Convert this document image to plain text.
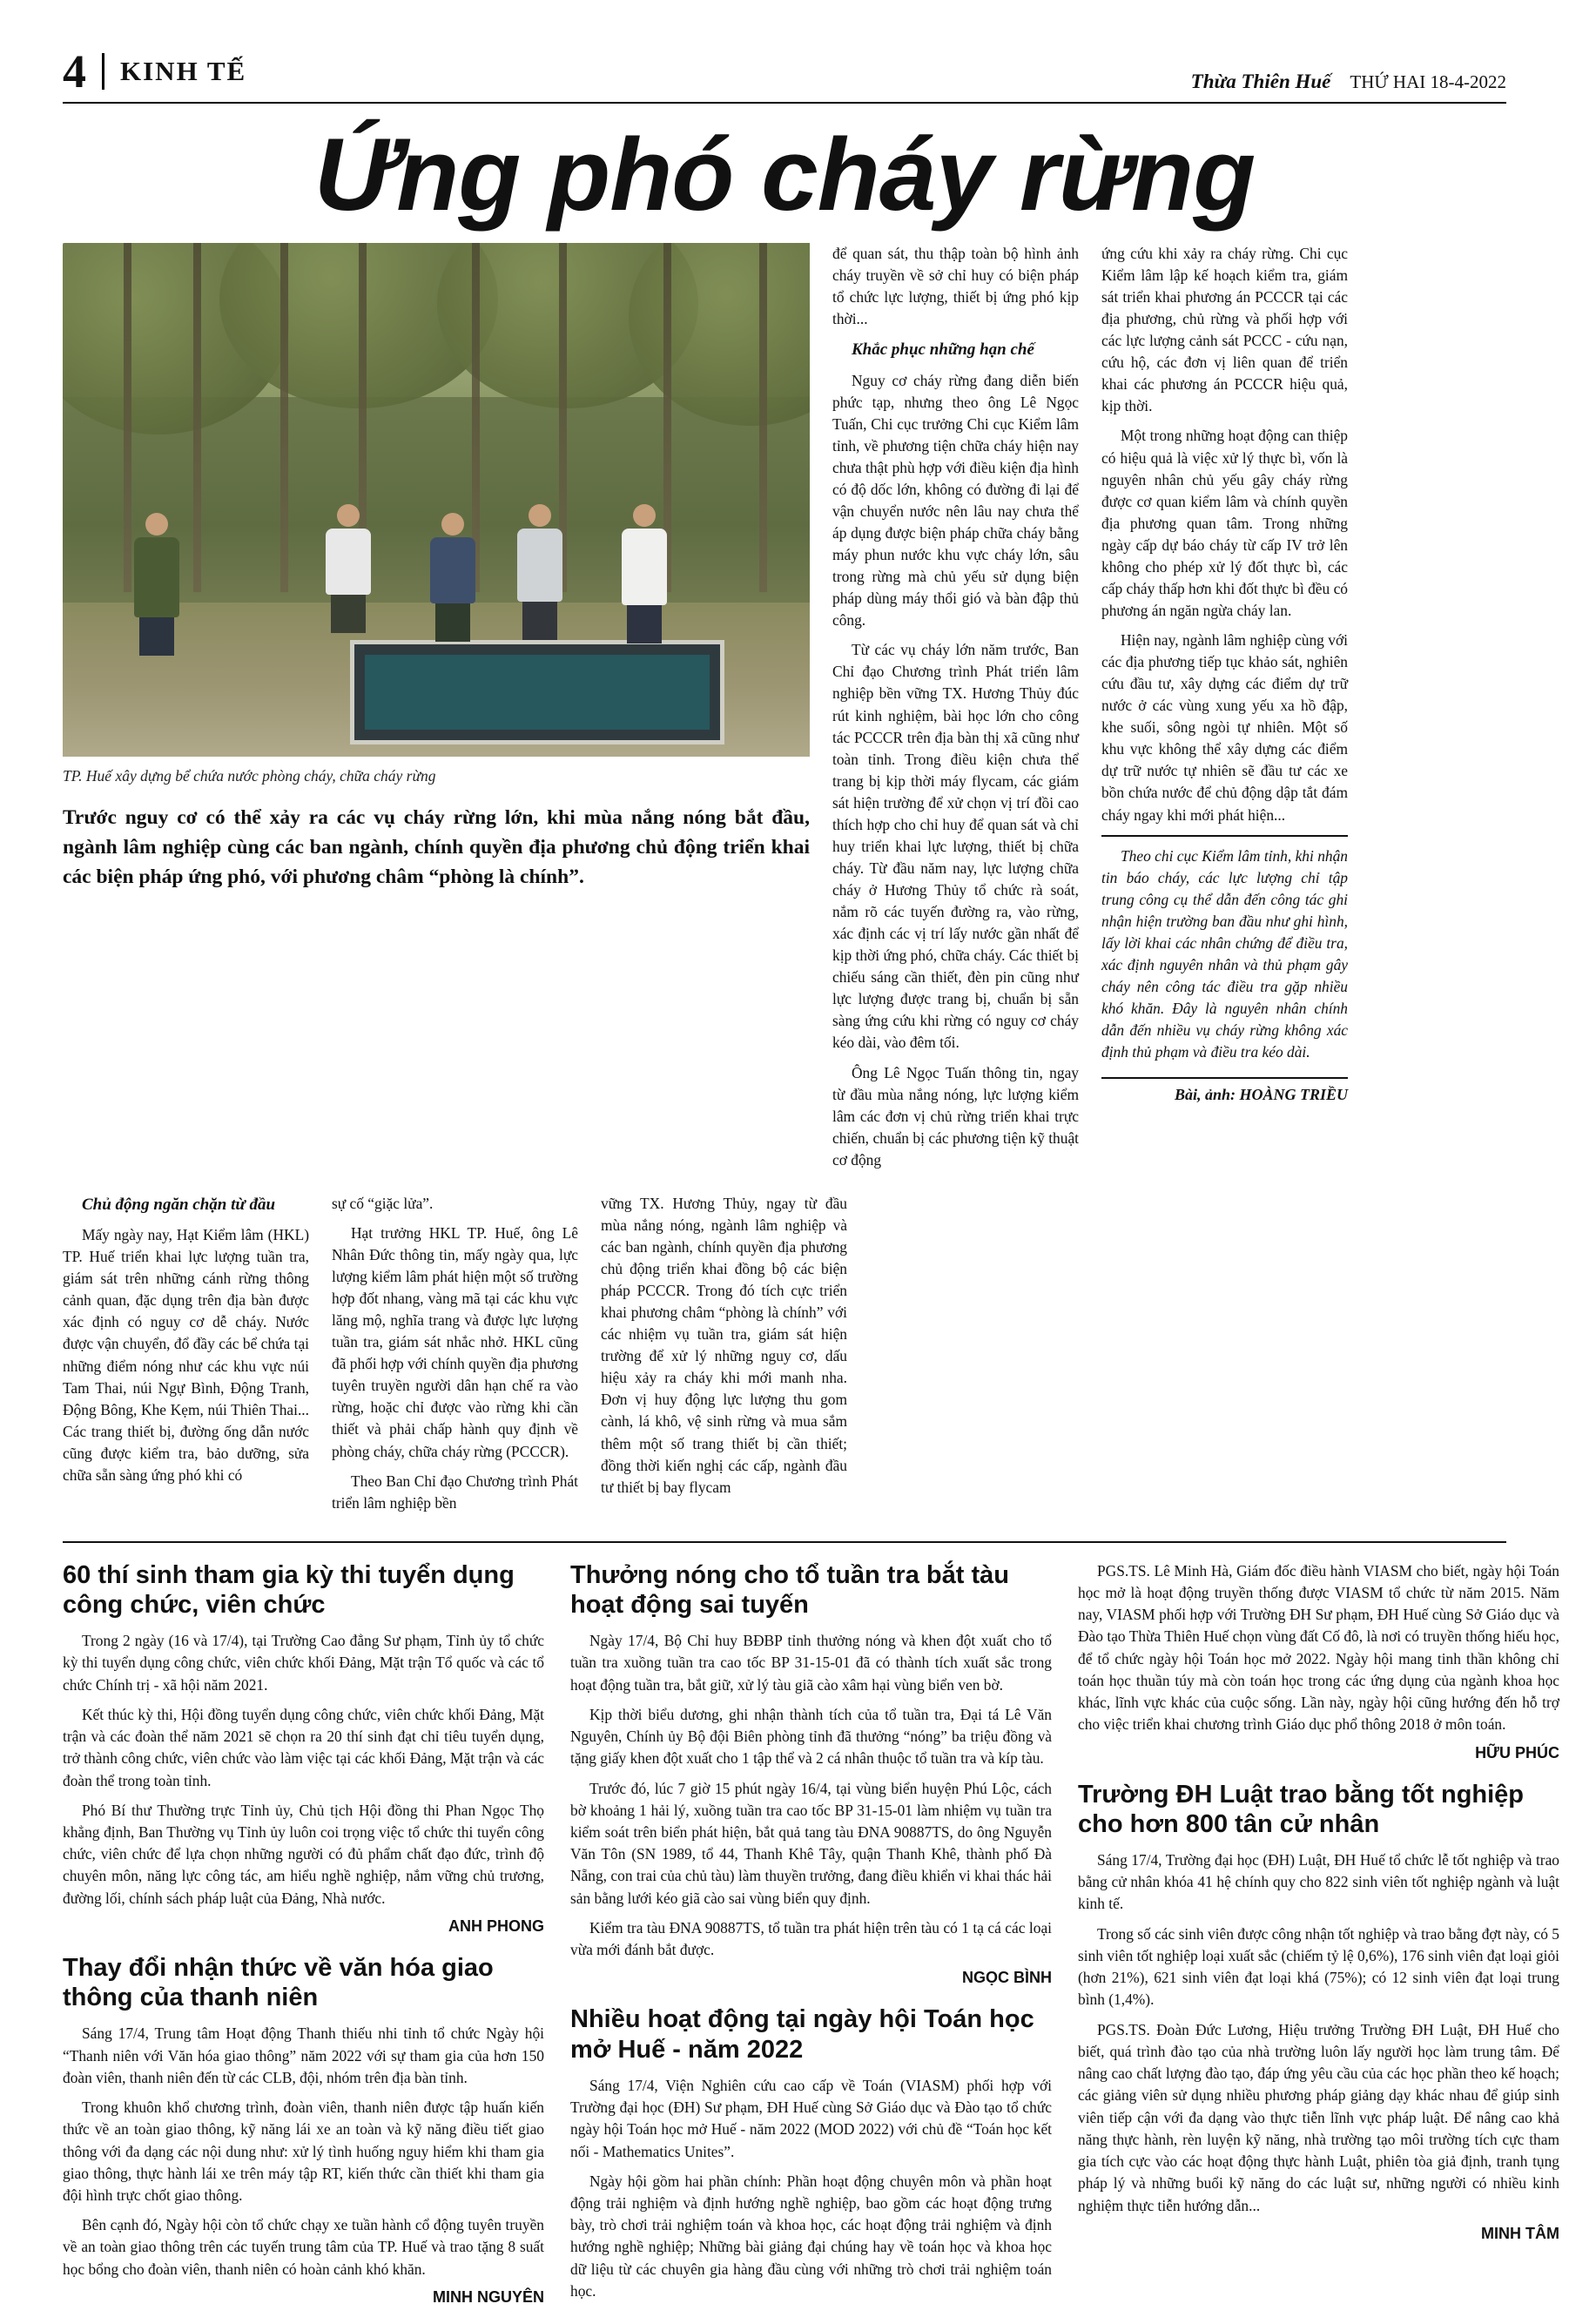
4 KINH TẾ	Thừa Thiên Huế THỨ HAI 18-4-2022
Ứng phó cháy rừng
TP. Huế xây dựng bể chứa nước phòng cháy, chữa cháy rừng
Trước nguy cơ có thể xảy ra các vụ cháy rừng lớn, khi mùa nắng nóng bắt đầu, ngành lâm nghiệp cùng các ban ngành, chính quyền địa phương chủ động triển khai các biện pháp ứng phó, với phương châm “phòng là chính”.

để quan sát, thu thập toàn bộ hình ảnh cháy truyền về sở chỉ huy có biện pháp tổ chức lực lượng, thiết bị ứng phó kịp thời...

Khắc phục những hạn chế

Nguy cơ cháy rừng đang diễn biến phức tạp, nhưng theo ông Lê Ngọc Tuấn, Chi cục trưởng Chi cục Kiểm lâm tỉnh, về phương tiện chữa cháy hiện nay chưa thật phù hợp với điều kiện địa hình có độ dốc lớn, không có đường đi lại để vận chuyển nước nên lâu nay chưa thể áp dụng được biện pháp chữa cháy bằng máy phun nước khu vực cháy lớn, sâu trong rừng mà chủ yếu sử dụng biện pháp dùng máy thổi gió và bàn đập thủ công.

Từ các vụ cháy lớn năm trước, Ban Chỉ đạo Chương trình Phát triển lâm nghiệp bền vững TX. Hương Thủy đúc rút kinh nghiệm, bài học lớn cho công tác PCCCR trên địa bàn thị xã cũng như toàn tỉnh. Trong điều kiện chưa thể trang bị kịp thời máy flycam, các giám sát hiện trường để xử chọn vị trí đồi cao thích hợp cho chỉ huy để quan sát và chỉ huy triển khai lực lượng, thiết bị chữa cháy. Từ đầu năm nay, lực lượng chữa cháy ở Hương Thủy tổ chức rà soát, nắm rõ các tuyến đường ra, vào rừng, xác định các vị trí lấy nước gần nhất để kịp thời ứng phó, chữa cháy. Các thiết bị chiếu sáng cần thiết, đèn pin cũng như lực lượng được trang bị, chuẩn bị sẵn sàng ứng cứu khi rừng có nguy cơ cháy kéo dài, vào đêm tối.

Ông Lê Ngọc Tuấn thông tin, ngay từ đầu mùa nắng nóng, lực lượng kiểm lâm các đơn vị chủ rừng triển khai trực chiến, chuẩn bị các phương tiện kỹ thuật cơ động

ứng cứu khi xảy ra cháy rừng. Chi cục Kiểm lâm lập kế hoạch kiểm tra, giám sát triển khai phương án PCCCR tại các địa phương, chủ rừng và phối hợp với các lực lượng cảnh sát PCCC - cứu nạn, cứu hộ, các đơn vị liên quan để triển khai các phương án PCCCR hiệu quả, kịp thời.

Một trong những hoạt động can thiệp có hiệu quả là việc xử lý thực bì, vốn là nguyên nhân chủ yếu gây cháy rừng được cơ quan kiểm lâm và chính quyền địa phương quan tâm. Trong những ngày cấp dự báo cháy từ cấp IV trở lên không cho phép xử lý đốt thực bì, các cấp cháy thấp hơn khi đốt thực bì đều có phương án ngăn ngừa cháy lan.

Hiện nay, ngành lâm nghiệp cùng với các địa phương tiếp tục khảo sát, nghiên cứu đầu tư, xây dựng các điểm dự trữ nước ở các vùng xung yếu xa hồ đập, khe suối, sông ngòi tự nhiên. Một số khu vực không thể xây dựng các điểm dự trữ nước tự nhiên sẽ đầu tư các xe bồn chứa nước để chủ động dập tắt đám cháy ngay khi mới phát hiện...

Theo chi cục Kiểm lâm tỉnh, khi nhận tin báo cháy, các lực lượng chỉ tập trung công cụ thể dẫn đến công tác ghi nhận hiện trường ban đầu như ghi hình, lấy lời khai các nhân chứng để điều tra, xác định nguyên nhân và thủ phạm gây cháy nên công tác điều tra gặp nhiều khó khăn. Đây là nguyên nhân chính dẫn đến nhiều vụ cháy rừng không xác định thủ phạm và điều tra kéo dài.

Bài, ảnh: HOÀNG TRIỀU

Chủ động ngăn chặn từ đầu

Mấy ngày nay, Hạt Kiểm lâm (HKL) TP. Huế triển khai lực lượng tuần tra, giám sát trên những cánh rừng thông cảnh quan, đặc dụng trên địa bàn được xác định có nguy cơ dễ cháy. Nước được vận chuyển, đổ đầy các bể chứa tại những điểm nóng như các khu vực núi Tam Thai, núi Ngự Bình, Động Tranh, Động Bông, Khe Kẹm, núi Thiên Thai... Các trang thiết bị, đường ống dẫn nước cũng được kiểm tra, bảo dưỡng, sửa chữa sẵn sàng ứng phó khi có

sự cố “giặc lửa”.

Hạt trưởng HKL TP. Huế, ông Lê Nhân Đức thông tin, mấy ngày qua, lực lượng kiểm lâm phát hiện một số trường hợp đốt nhang, vàng mã tại các khu vực lăng mộ, nghĩa trang và được lực lượng tuần tra, giám sát nhắc nhở. HKL cũng đã phối hợp với chính quyền địa phương tuyên truyền người dân hạn chế ra vào rừng, hoặc chỉ được vào rừng khi cần thiết và phải chấp hành quy định về phòng cháy, chữa cháy rừng (PCCCR).

Theo Ban Chỉ đạo Chương trình Phát triển lâm nghiệp bền

vững TX. Hương Thủy, ngay từ đầu mùa nắng nóng, ngành lâm nghiệp và các ban ngành, chính quyền địa phương chủ động triển khai đồng bộ các biện pháp PCCCR. Trong đó tích cực triển khai phương châm “phòng là chính” với các nhiệm vụ tuần tra, giám sát hiện trường để xử lý những nguy cơ, dấu hiệu xảy ra cháy khi mới manh nha. Đơn vị huy động lực lượng thu gom cành, lá khô, vệ sinh rừng và mua sắm thêm một số trang thiết bị cần thiết; đồng thời kiến nghị các cấp, ngành đầu tư thiết bị bay flycam

60 thí sinh tham gia kỳ thi tuyển dụng công chức, viên chức

Trong 2 ngày (16 và 17/4), tại Trường Cao đẳng Sư phạm, Tỉnh ủy tổ chức kỳ thi tuyển dụng công chức, viên chức khối Đảng, Mặt trận Tổ quốc và các tổ chức Chính trị - xã hội năm 2021.

Kết thúc kỳ thi, Hội đồng tuyển dụng công chức, viên chức khối Đảng, Mặt trận và các đoàn thể năm 2021 sẽ chọn ra 20 thí sinh đạt chỉ tiêu tuyển dụng, trở thành công chức, viên chức vào làm việc tại các khối Đảng, Mặt trận và các đoàn thể trong toàn tỉnh.

Phó Bí thư Thường trực Tỉnh ủy, Chủ tịch Hội đồng thi Phan Ngọc Thọ khẳng định, Ban Thường vụ Tỉnh ủy luôn coi trọng việc tổ chức thi tuyển công chức, viên chức để lựa chọn những người có đủ phẩm chất đạo đức, trình độ chuyên môn, năng lực công tác, am hiểu nghề nghiệp, nắm vững chủ trương, đường lối, chính sách pháp luật của Đảng, Nhà nước.

ANH PHONG
Thay đổi nhận thức về văn hóa giao thông của thanh niên

Sáng 17/4, Trung tâm Hoạt động Thanh thiếu nhi tỉnh tổ chức Ngày hội “Thanh niên với Văn hóa giao thông” năm 2022 với sự tham gia của hơn 150 đoàn viên, thanh niên đến từ các CLB, đội, nhóm trên địa bàn tỉnh.

Trong khuôn khổ chương trình, đoàn viên, thanh niên được tập huấn kiến thức về an toàn giao thông, kỹ năng lái xe an toàn và kỹ năng điều tiết giao thông với đa dạng các nội dung như: xử lý tình huống nguy hiểm khi tham gia giao thông, thực hành lái xe trên máy tập RT, kiến thức cần thiết khi tham gia đội hình trực chốt giao thông.

Bên cạnh đó, Ngày hội còn tổ chức chạy xe tuần hành cổ động tuyên truyền về an toàn giao thông trên các tuyến trung tâm của TP. Huế và trao tặng 8 suất học bổng cho đoàn viên, thanh niên có hoàn cảnh khó khăn.

MINH NGUYÊN
Thưởng nóng cho tổ tuần tra bắt tàu hoạt động sai tuyến

Ngày 17/4, Bộ Chỉ huy BĐBP tỉnh thưởng nóng và khen đột xuất cho tổ tuần tra xuồng tuần tra cao tốc BP 31-15-01 đã có thành tích xuất sắc trong hoạt động tuần tra, bắt giữ, xử lý tàu giã cào xâm hại vùng biển ven bờ.

Kịp thời biểu dương, ghi nhận thành tích của tổ tuần tra, Đại tá Lê Văn Nguyên, Chính ủy Bộ đội Biên phòng tỉnh đã thưởng “nóng” ba triệu đồng và tặng giấy khen đột xuất cho 1 tập thể và 2 cá nhân thuộc tổ tuần tra và kíp tàu.

Trước đó, lúc 7 giờ 15 phút ngày 16/4, tại vùng biển huyện Phú Lộc, cách bờ khoảng 1 hải lý, xuồng tuần tra cao tốc BP 31-15-01 làm nhiệm vụ tuần tra kiểm soát trên biển phát hiện, bắt quả tang tàu ĐNA 90887TS, do ông Nguyễn Văn Tôn (SN 1989, tổ 44, Thanh Khê Tây, quận Thanh Khê, thành phố Đà Nẵng, con trai của chủ tàu) làm thuyền trưởng, đang điều khiển vi khai thác hải sản bằng lưới kéo giã cào sai vùng biển quy định.

Kiểm tra tàu ĐNA 90887TS, tổ tuần tra phát hiện trên tàu có 1 tạ cá các loại vừa mới đánh bắt được.

NGỌC BÌNH
Nhiều hoạt động tại ngày hội Toán học mở Huế - năm 2022

Sáng 17/4, Viện Nghiên cứu cao cấp về Toán (VIASM) phối hợp với Trường đại học (ĐH) Sư phạm, ĐH Huế cùng Sở Giáo dục và Đào tạo tổ chức ngày hội Toán học mở Huế - năm 2022 (MOD 2022) với chủ đề “Toán học kết nối - Mathematics Unites”.

Ngày hội gồm hai phần chính: Phần hoạt động chuyên môn và phần hoạt động trải nghiệm và định hướng nghề nghiệp, bao gồm các hoạt động trưng bày, trò chơi trải nghiệm toán và khoa học, các hoạt động trải nghiệm và định hướng nghề nghiệp; Những bài giảng đại chúng hay về toán học và khoa học dữ liệu từ các chuyên gia hàng đầu cùng với những trò chơi trải nghiệm toán học.

PGS.TS. Lê Minh Hà, Giám đốc điều hành VIASM cho biết, ngày hội Toán học mở là hoạt động truyền thống được VIASM tổ chức từ năm 2015. Năm nay, VIASM phối hợp với Trường ĐH Sư phạm, ĐH Huế cùng Sở Giáo dục và Đào tạo Thừa Thiên Huế chọn vùng đất Cố đô, là nơi có truyền thống hiếu học, để tổ chức ngày hội Toán học mở 2022. Ngày hội mang tinh thần không chỉ toán học thuần túy mà còn toán học trong các ứng dụng của ngành khoa học khác, lĩnh vực khác của cuộc sống. Lần này, ngày hội cũng hướng đến hỗ trợ cho việc triển khai chương trình Giáo dục phổ thông 2018 ở môn toán.

HỮU PHÚC
Trường ĐH Luật trao bằng tốt nghiệp cho hơn 800 tân cử nhân

Sáng 17/4, Trường đại học (ĐH) Luật, ĐH Huế tổ chức lễ tốt nghiệp và trao bằng cử nhân khóa 41 hệ chính quy cho 822 sinh viên tốt nghiệp ngành và luật kinh tế.

Trong số các sinh viên được công nhận tốt nghiệp và trao bằng đợt này, có 5 sinh viên tốt nghiệp loại xuất sắc (chiếm tỷ lệ 0,6%), 176 sinh viên đạt loại giỏi (hơn 21%), 621 sinh viên đạt loại khá (75%); có 12 sinh viên đạt loại trung bình (1,4%).

PGS.TS. Đoàn Đức Lương, Hiệu trưởng Trường ĐH Luật, ĐH Huế cho biết, quá trình đào tạo của nhà trường luôn lấy người học làm trung tâm. Để nâng cao chất lượng đào tạo, đáp ứng yêu cầu của các học phần theo kế hoạch; các giảng viên sử dụng nhiều phương pháp giảng dạy khác nhau để giúp sinh viên tiếp cận với đa dạng vào thực tiễn lĩnh vực pháp luật. Để nâng cao khả năng thực hành, rèn luyện kỹ năng, nhà trường tạo môi trường tích cực tham gia tích cực vào các hoạt động thực hành Luật, phiên tòa giả định, tranh tụng pháp lý và những buổi kỹ năng do các luật sư, những người có nhiều kinh nghiệm thực tiễn hướng dẫn...

MINH TÂM
